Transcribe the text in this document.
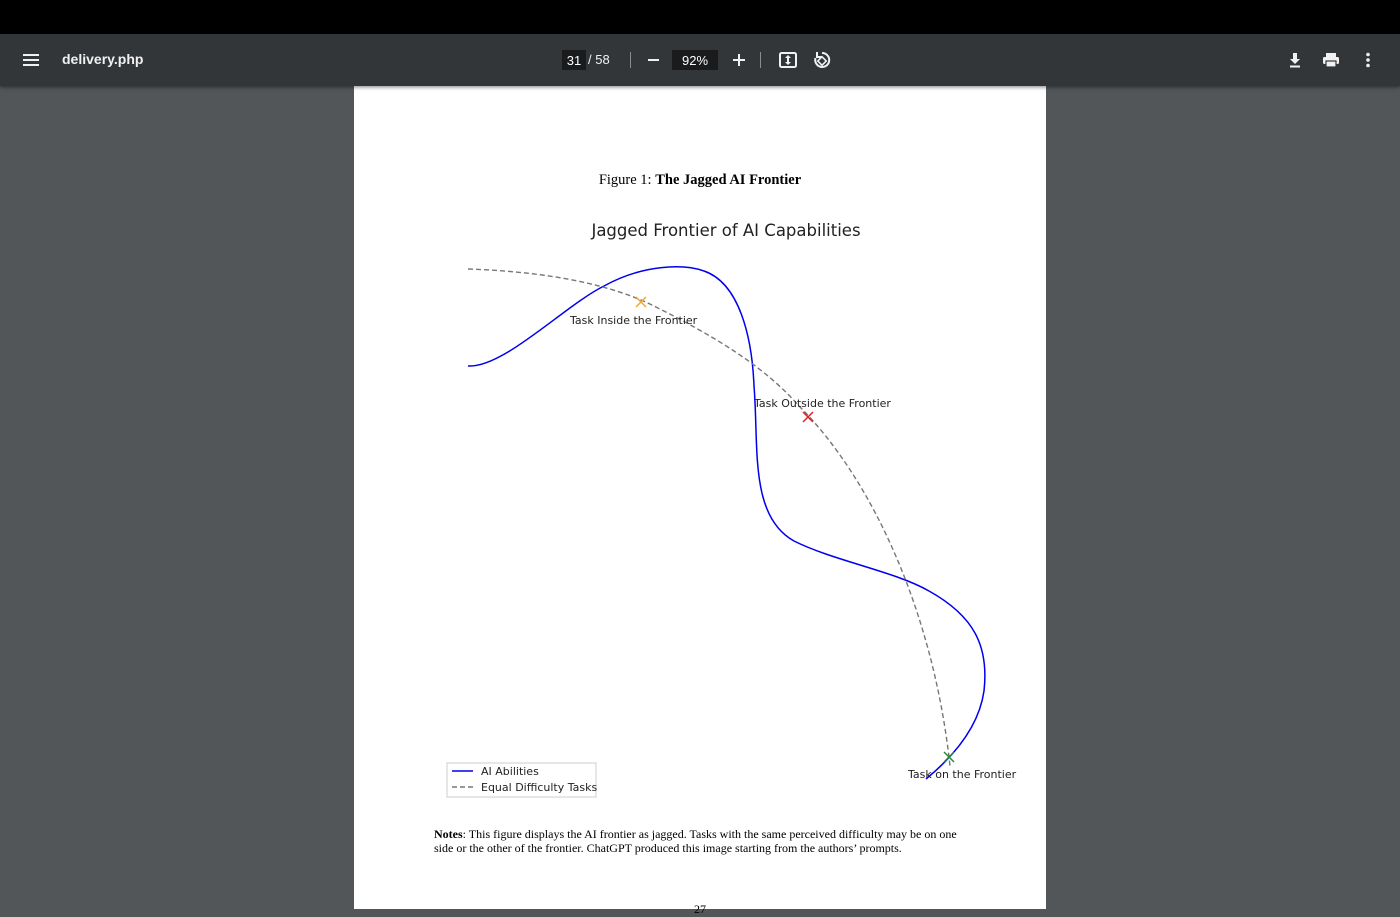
delivery.php	31 / 58	92%
Figure 1: The Jagged AI Frontier
Jagged Frontier of AI Capabilities
Task Inside the Frontier
Task Outside the Frontier
Task on the Frontier
AI Abilities
Equal Difficulty Tasks
Notes: This figure displays the AI frontier as jagged. Tasks with the same perceived difficulty may be on one side or the other of the frontier. ChatGPT produced this image starting from the authors’ prompts.
27
